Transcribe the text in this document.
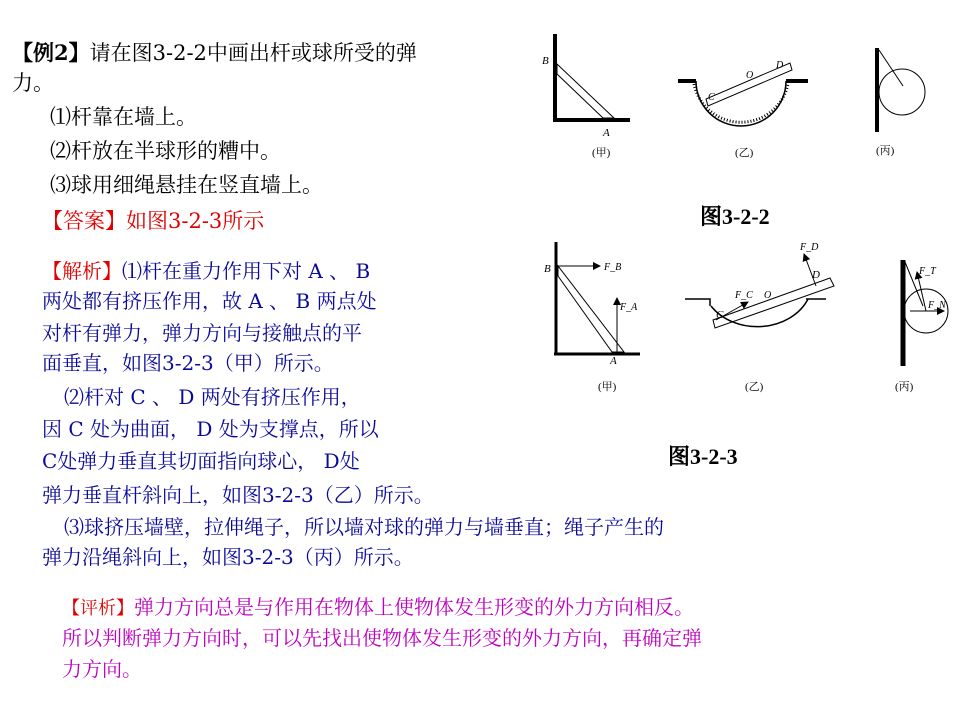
【例2】请在图3-2-2中画出杆或球所受的弹
力。
⑴杆靠在墙上。
⑵杆放在半球形的糟中。
⑶球用细绳悬挂在竖直墙上。
【答案】如图3-2-3所示
【解析】⑴杆在重力作用下对 A 、 B
两处都有挤压作用，故 A 、 B 两点处
对杆有弹力，弹力方向与接触点的平
面垂直，如图3-2-3（甲）所示。
⑵杆对 C 、 D 两处有挤压作用，
因 C 处为曲面， D 处为支撑点，所以
C处弹力垂直其切面指向球心， D处
弹力垂直杆斜向上，如图3-2-3（乙）所示。
⑶球挤压墙壁，拉伸绳子，所以墙对球的弹力与墙垂直；绳子产生的
弹力沿绳斜向上，如图3-2-3（丙）所示。
【评析】弹力方向总是与作用在物体上使物体发生形变的外力方向相反。
所以判断弹力方向时，可以先找出使物体发生形变的外力方向，再确定弹
力方向。
B
A
(甲)
C
O
D
(乙)	(丙)
图3-2-2
F_B
F_A
B
A
(甲)
F_C
F_D
C
O
D
(乙)
F_T
F_N
(丙)
图3-2-3
